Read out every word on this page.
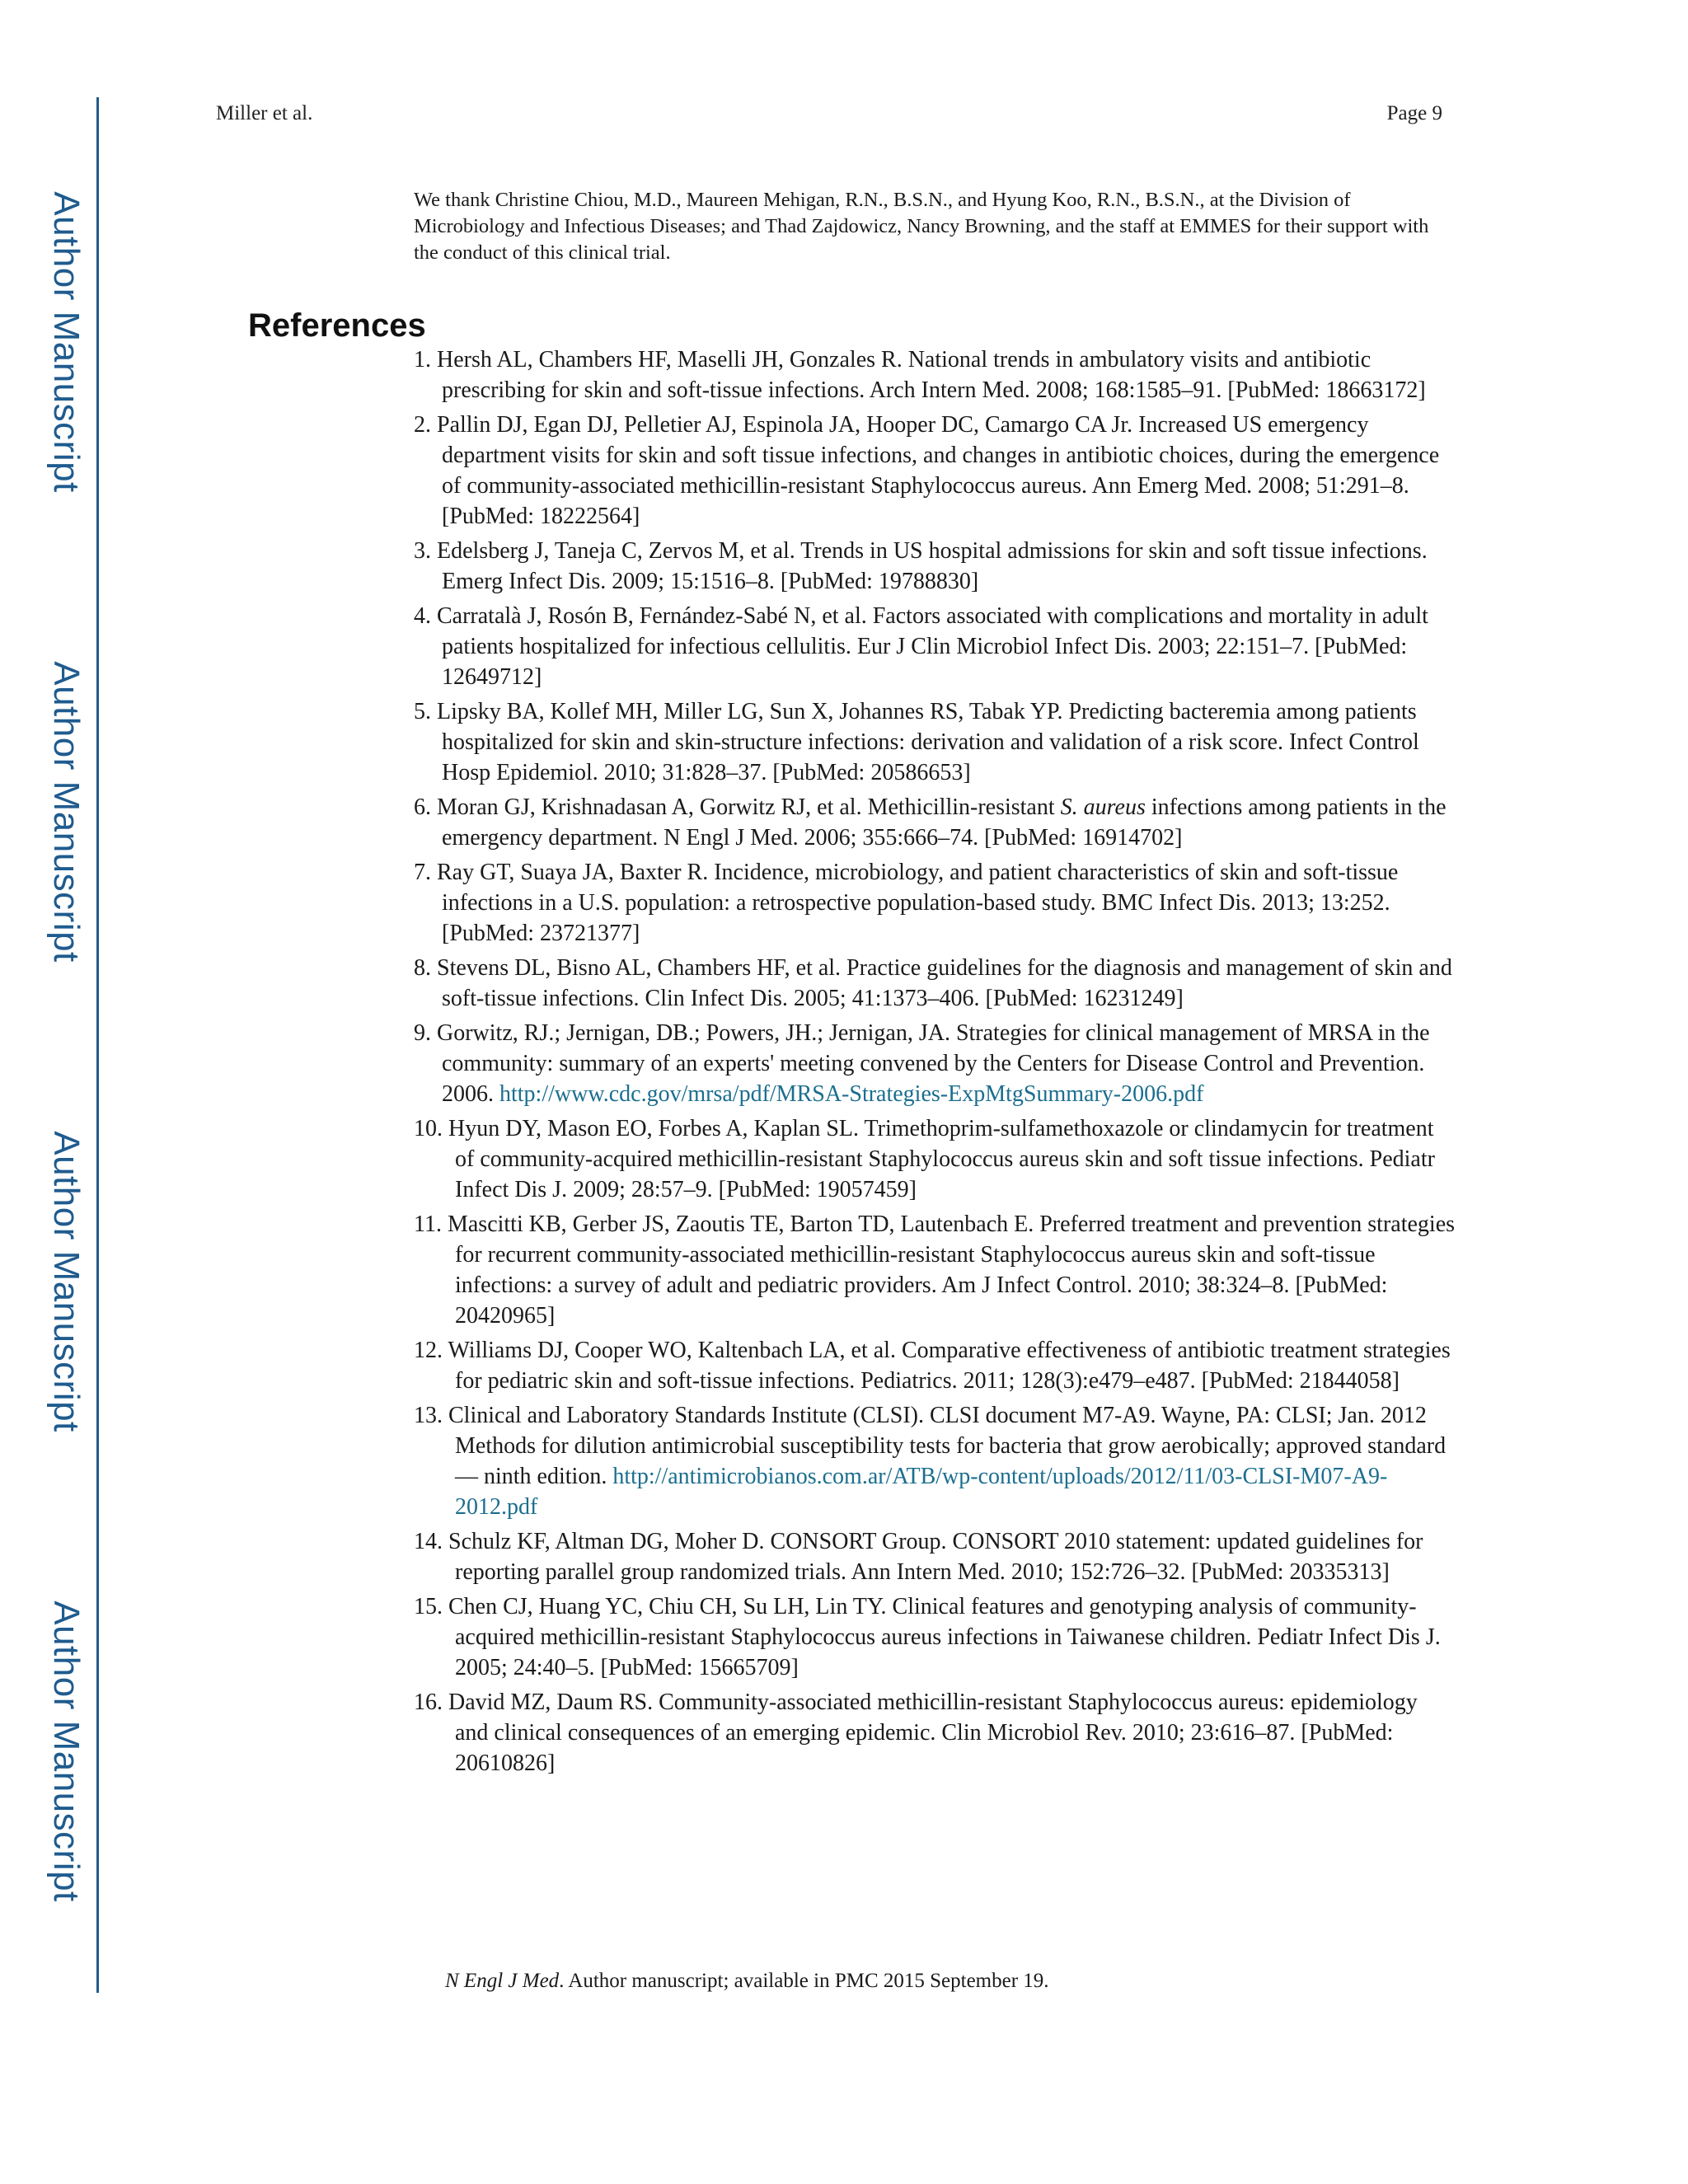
Author Manuscript
Author Manuscript
Author Manuscript
Author Manuscript
Miller et al.	Page 9

We thank Christine Chiou, M.D., Maureen Mehigan, R.N., B.S.N., and Hyung Koo, R.N., B.S.N., at the Division of Microbiology and Infectious Diseases; and Thad Zajdowicz, Nancy Browning, and the staff at EMMES for their support with the conduct of this clinical trial.

References
1. Hersh AL, Chambers HF, Maselli JH, Gonzales R. National trends in ambulatory visits and antibiotic prescribing for skin and soft-tissue infections. Arch Intern Med. 2008; 168:1585–91. [PubMed: 18663172]
2. Pallin DJ, Egan DJ, Pelletier AJ, Espinola JA, Hooper DC, Camargo CA Jr. Increased US emergency department visits for skin and soft tissue infections, and changes in antibiotic choices, during the emergence of community-associated methicillin-resistant Staphylococcus aureus. Ann Emerg Med. 2008; 51:291–8. [PubMed: 18222564]
3. Edelsberg J, Taneja C, Zervos M, et al. Trends in US hospital admissions for skin and soft tissue infections. Emerg Infect Dis. 2009; 15:1516–8. [PubMed: 19788830]
4. Carratalà J, Rosón B, Fernández-Sabé N, et al. Factors associated with complications and mortality in adult patients hospitalized for infectious cellulitis. Eur J Clin Microbiol Infect Dis. 2003; 22:151–7. [PubMed: 12649712]
5. Lipsky BA, Kollef MH, Miller LG, Sun X, Johannes RS, Tabak YP. Predicting bacteremia among patients hospitalized for skin and skin-structure infections: derivation and validation of a risk score. Infect Control Hosp Epidemiol. 2010; 31:828–37. [PubMed: 20586653]
6. Moran GJ, Krishnadasan A, Gorwitz RJ, et al. Methicillin-resistant S. aureus infections among patients in the emergency department. N Engl J Med. 2006; 355:666–74. [PubMed: 16914702]
7. Ray GT, Suaya JA, Baxter R. Incidence, microbiology, and patient characteristics of skin and soft-tissue infections in a U.S. population: a retrospective population-based study. BMC Infect Dis. 2013; 13:252. [PubMed: 23721377]
8. Stevens DL, Bisno AL, Chambers HF, et al. Practice guidelines for the diagnosis and management of skin and soft-tissue infections. Clin Infect Dis. 2005; 41:1373–406. [PubMed: 16231249]
9. Gorwitz, RJ.; Jernigan, DB.; Powers, JH.; Jernigan, JA. Strategies for clinical management of MRSA in the community: summary of an experts' meeting convened by the Centers for Disease Control and Prevention. 2006. http://www.cdc.gov/mrsa/pdf/MRSA-Strategies-ExpMtgSummary-2006.pdf
10. Hyun DY, Mason EO, Forbes A, Kaplan SL. Trimethoprim-sulfamethoxazole or clindamycin for treatment of community-acquired methicillin-resistant Staphylococcus aureus skin and soft tissue infections. Pediatr Infect Dis J. 2009; 28:57–9. [PubMed: 19057459]
11. Mascitti KB, Gerber JS, Zaoutis TE, Barton TD, Lautenbach E. Preferred treatment and prevention strategies for recurrent community-associated methicillin-resistant Staphylococcus aureus skin and soft-tissue infections: a survey of adult and pediatric providers. Am J Infect Control. 2010; 38:324–8. [PubMed: 20420965]
12. Williams DJ, Cooper WO, Kaltenbach LA, et al. Comparative effectiveness of antibiotic treatment strategies for pediatric skin and soft-tissue infections. Pediatrics. 2011; 128(3):e479–e487. [PubMed: 21844058]
13. Clinical and Laboratory Standards Institute (CLSI). CLSI document M7-A9. Wayne, PA: CLSI; Jan. 2012 Methods for dilution antimicrobial susceptibility tests for bacteria that grow aerobically; approved standard — ninth edition. http://antimicrobianos.com.ar/ATB/wp-content/uploads/2012/11/03-CLSI-M07-A9-2012.pdf
14. Schulz KF, Altman DG, Moher D. CONSORT Group. CONSORT 2010 statement: updated guidelines for reporting parallel group randomized trials. Ann Intern Med. 2010; 152:726–32. [PubMed: 20335313]
15. Chen CJ, Huang YC, Chiu CH, Su LH, Lin TY. Clinical features and genotyping analysis of community-acquired methicillin-resistant Staphylococcus aureus infections in Taiwanese children. Pediatr Infect Dis J. 2005; 24:40–5. [PubMed: 15665709]
16. David MZ, Daum RS. Community-associated methicillin-resistant Staphylococcus aureus: epidemiology and clinical consequences of an emerging epidemic. Clin Microbiol Rev. 2010; 23:616–87. [PubMed: 20610826]
N Engl J Med. Author manuscript; available in PMC 2015 September 19.
